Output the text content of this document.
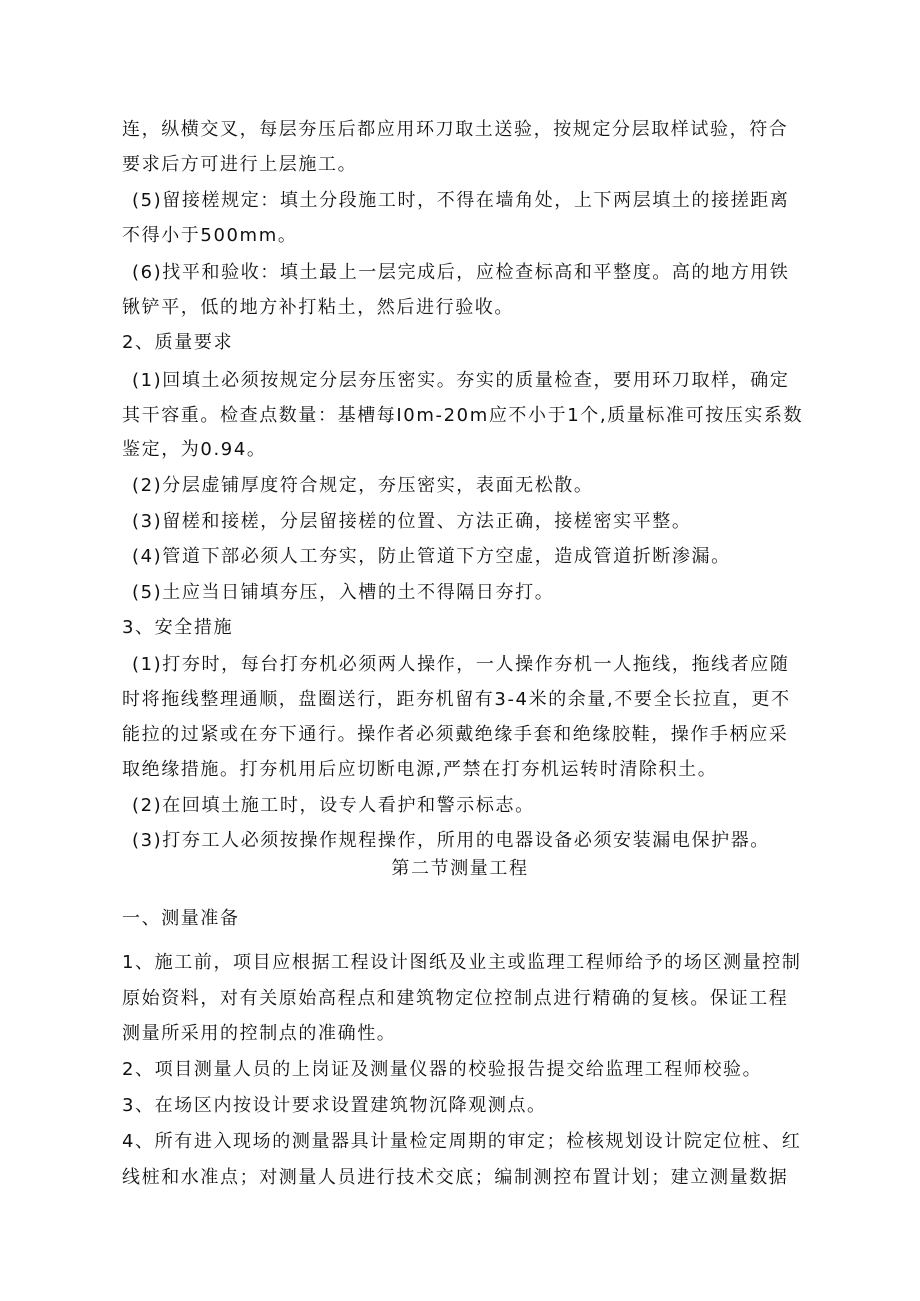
连，纵横交叉，每层夯压后都应用环刀取土送验，按规定分层取样试验，符合

要求后方可进行上层施工。

(5)留接槎规定：填土分段施工时，不得在墙角处，上下两层填土的接搓距离

不得小于500mm。

(6)找平和验收：填土最上一层完成后，应检查标高和平整度。高的地方用铁

锹铲平，低的地方补打粘土，然后进行验收。

2、质量要求

(1)回填土必须按规定分层夯压密实。夯实的质量检查，要用环刀取样，确定

其干容重。检查点数量：基槽每I0m-20m应不小于1个,质量标准可按压实系数

鉴定，为0.94。

(2)分层虚铺厚度符合规定，夯压密实，表面无松散。

(3)留槎和接槎，分层留接槎的位置、方法正确，接槎密实平整。

(4)管道下部必须人工夯实，防止管道下方空虚，造成管道折断渗漏。

(5)土应当日铺填夯压，入槽的土不得隔日夯打。

3、安全措施

(1)打夯时，每台打夯机必须两人操作，一人操作夯机一人拖线，拖线者应随

时将拖线整理通顺，盘圈送行，距夯机留有3-4米的余量,不要全长拉直，更不

能拉的过紧或在夯下通行。操作者必须戴绝缘手套和绝缘胶鞋，操作手柄应采

取绝缘措施。打夯机用后应切断电源,严禁在打夯机运转时清除积土。

(2)在回填土施工时，设专人看护和警示标志。

(3)打夯工人必须按操作规程操作，所用的电器设备必须安装漏电保护器。

第二节测量工程

一、测量准备

1、施工前，项目应根据工程设计图纸及业主或监理工程师给予的场区测量控制

原始资料，对有关原始高程点和建筑物定位控制点进行精确的复核。保证工程

测量所采用的控制点的准确性。

2、项目测量人员的上岗证及测量仪器的校验报告提交给监理工程师校验。

3、在场区内按设计要求设置建筑物沉降观测点。

4、所有进入现场的测量器具计量检定周期的审定；检核规划设计院定位桩、红

线桩和水准点；对测量人员进行技术交底；编制测控布置计划；建立测量数据
